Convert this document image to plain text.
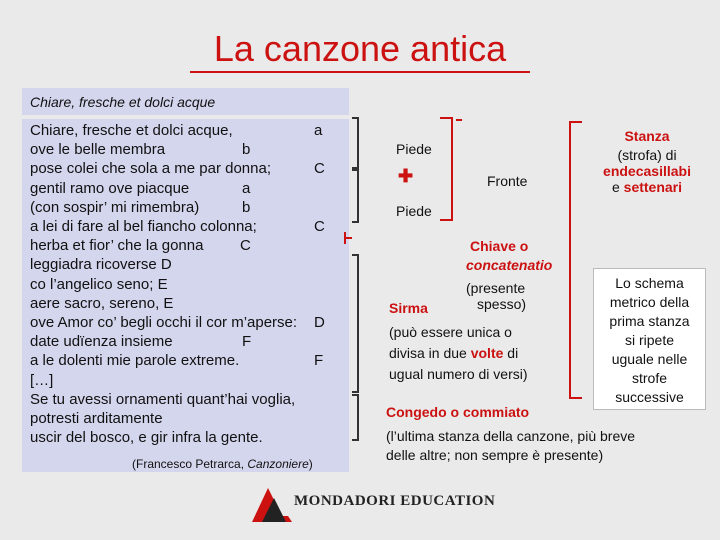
La canzone antica
Chiare, fresche et dolci acque
Chiare, fresche et dolci acque,	a
ove le belle membra	b
pose colei che sola a me par donna;	C
gentil ramo ove piacque	a
(con sospir’ mi rimembra)	b
a lei di fare al bel fiancho colonna;	C
herba et fior’ che la gonna C
leggiadra ricoverse D
co l’angelico seno; E
aere sacro, sereno, E
ove Amor co’ begli occhi il cor m’aperse: D
date udïenza insieme	F
a le dolenti mie parole extreme.	F
[…]
Se tu avessi ornamenti quant’hai voglia,
potresti arditamente
uscir del bosco, e gir infra la gente.
(Francesco Petrarca, Canzoniere)
Piede
✚
Piede
Fronte
Chiave o
concatenatio
(presente
spesso)
Sirma
(può essere unica o
divisa in due volte di
ugual numero di versi)
Congedo o commiato
(l’ultima stanza della canzone, più breve
delle altre; non sempre è presente)
Stanza
(strofa) di
endecasillabi
e settenari
Lo schema
metrico della
prima stanza
si ripete
uguale nelle
strofe
successive
MONDADORI EDUCATION
